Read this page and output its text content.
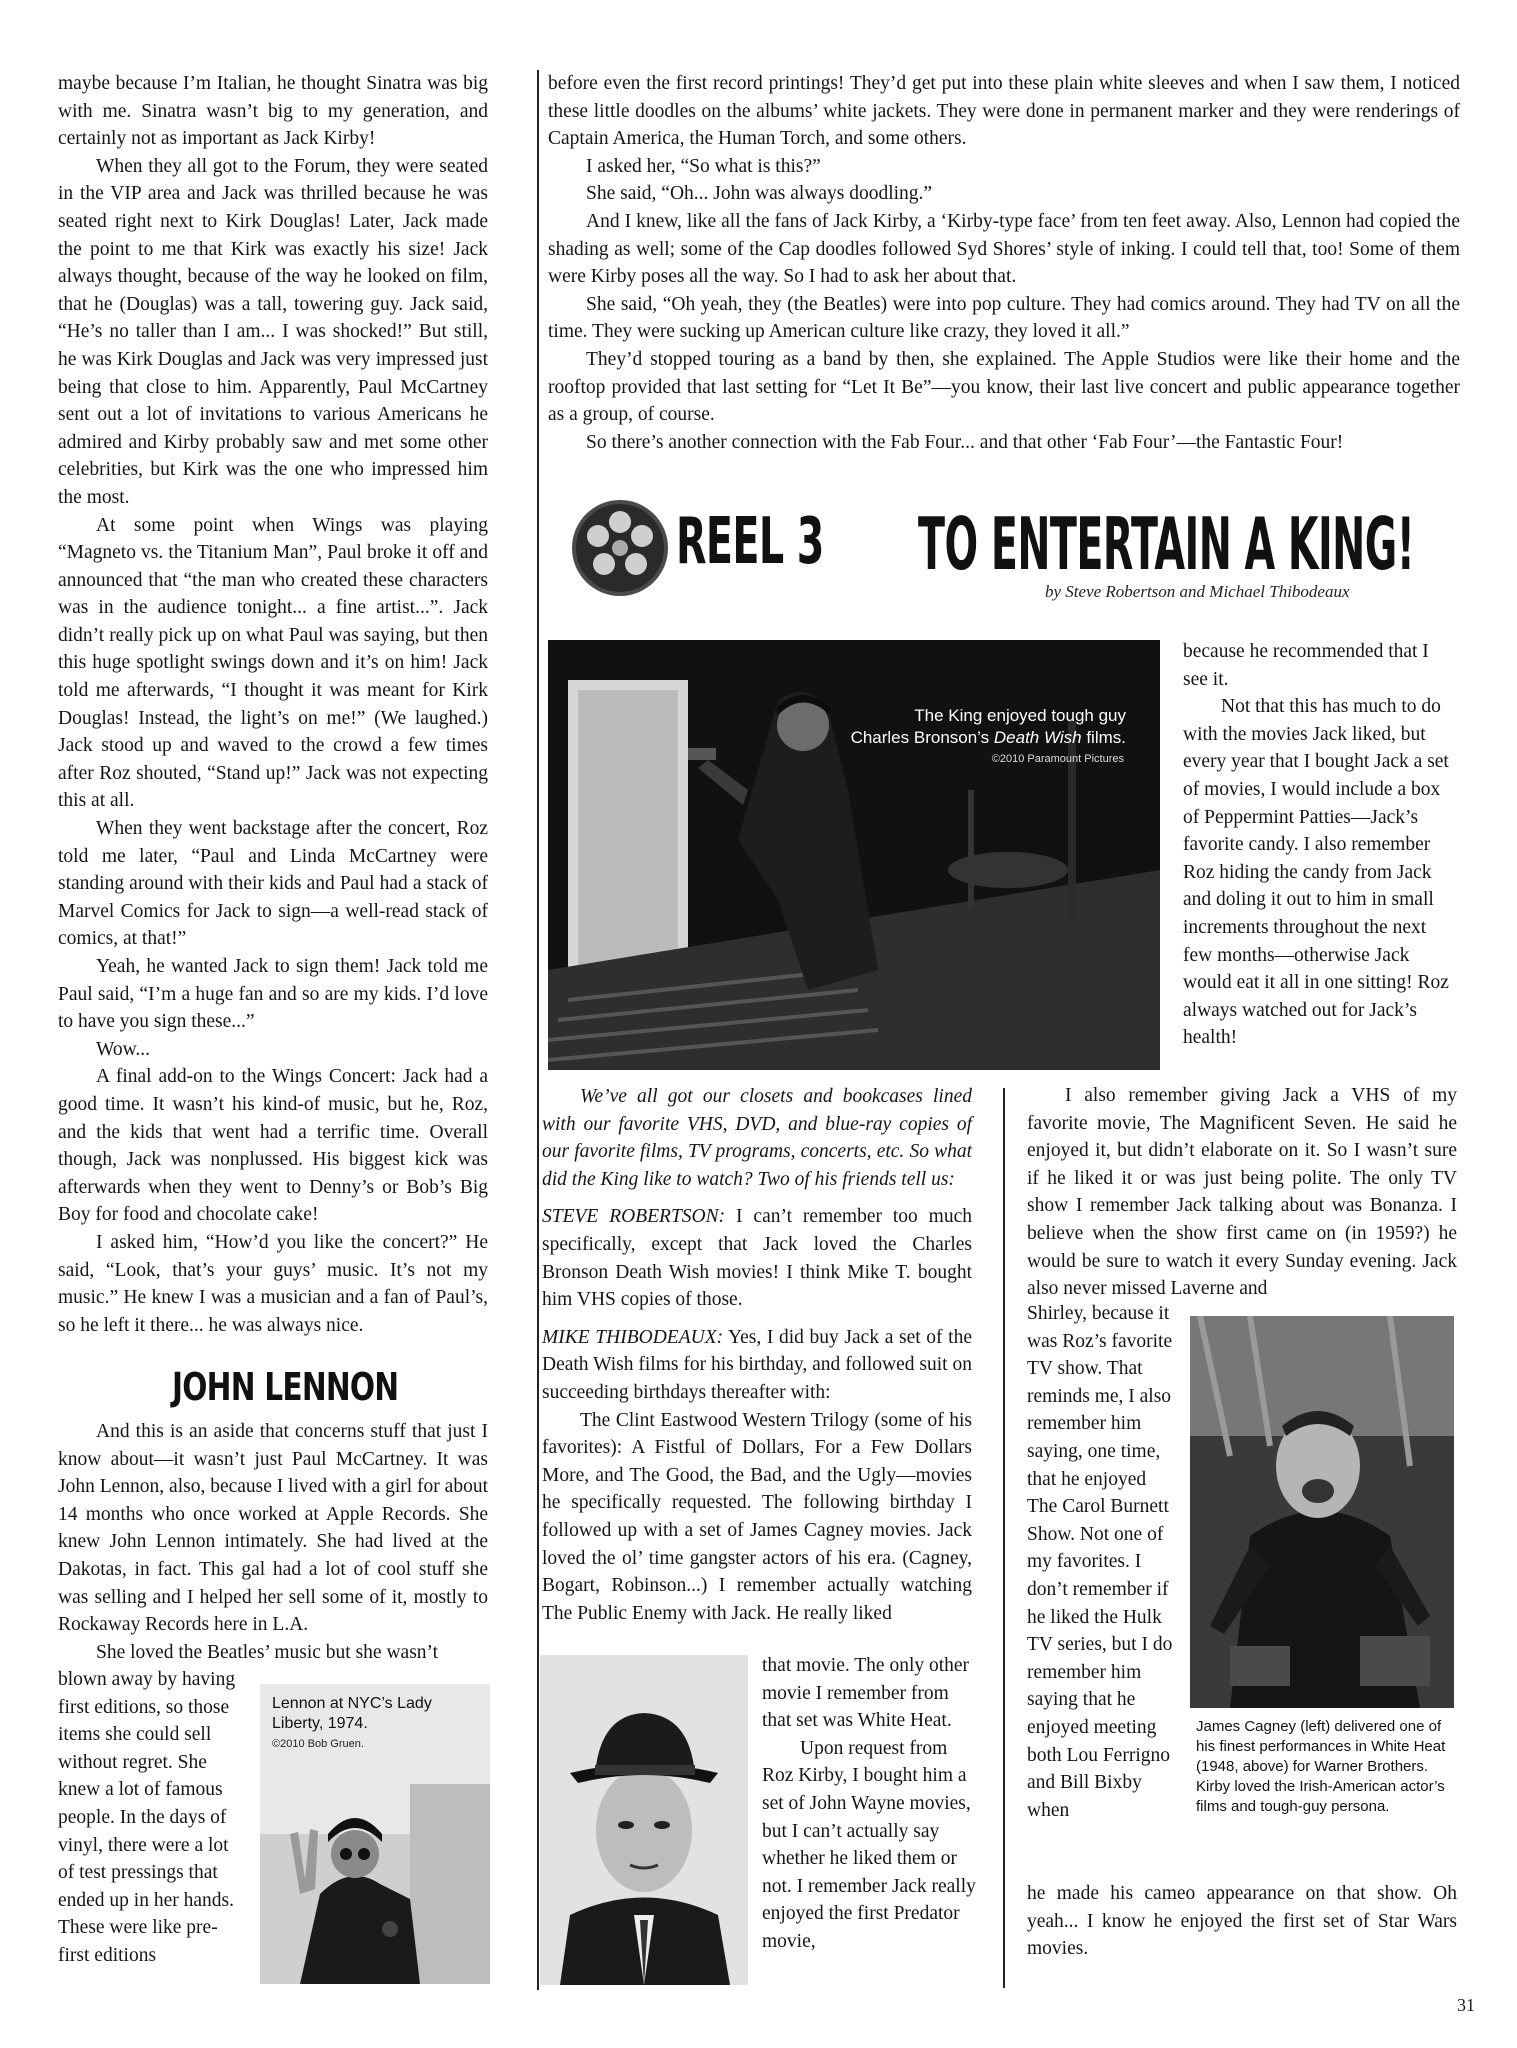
maybe because I’m Italian, he thought Sinatra was big with me. Sinatra wasn’t big to my generation, and certainly not as important as Jack Kirby!

When they all got to the Forum, they were seated in the VIP area and Jack was thrilled because he was seated right next to Kirk Douglas! Later, Jack made the point to me that Kirk was exactly his size! Jack always thought, because of the way he looked on film, that he (Douglas) was a tall, towering guy. Jack said, “He’s no taller than I am... I was shocked!” But still, he was Kirk Douglas and Jack was very impressed just being that close to him. Apparently, Paul McCartney sent out a lot of invitations to various Americans he admired and Kirby probably saw and met some other celebrities, but Kirk was the one who impressed him the most.

At some point when Wings was playing “Magneto vs. the Titanium Man”, Paul broke it off and announced that “the man who created these characters was in the audience tonight... a fine artist...”. Jack didn’t really pick up on what Paul was saying, but then this huge spotlight swings down and it’s on him! Jack told me afterwards, “I thought it was meant for Kirk Douglas! Instead, the light’s on me!” (We laughed.) Jack stood up and waved to the crowd a few times after Roz shouted, “Stand up!” Jack was not expecting this at all.

When they went backstage after the concert, Roz told me later, “Paul and Linda McCartney were standing around with their kids and Paul had a stack of Marvel Comics for Jack to sign—a well-read stack of comics, at that!”

Yeah, he wanted Jack to sign them! Jack told me Paul said, “I’m a huge fan and so are my kids. I’d love to have you sign these...”

Wow...

A final add-on to the Wings Concert: Jack had a good time. It wasn’t his kind-of music, but he, Roz, and the kids that went had a terrific time. Overall though, Jack was nonplussed. His biggest kick was afterwards when they went to Denny’s or Bob’s Big Boy for food and chocolate cake!

I asked him, “How’d you like the concert?” He said, “Look, that’s your guys’ music. It’s not my music.” He knew I was a musician and a fan of Paul’s, so he left it there... he was always nice.

JOHN LENNON

And this is an aside that concerns stuff that just I know about—it wasn’t just Paul McCartney. It was John Lennon, also, because I lived with a girl for about 14 months who once worked at Apple Records. She knew John Lennon intimately. She had lived at the Dakotas, in fact. This gal had a lot of cool stuff she was selling and I helped her sell some of it, mostly to Rockaway Records here in L.A.

She loved the Beatles’ music but she wasn’t

blown away by having first editions, so those items she could sell without regret. She knew a lot of famous people. In the days of vinyl, there were a lot of test pressings that ended up in her hands. These were like pre-first editions

Lennon at NYC’s Lady Liberty, 1974.
©2010 Bob Gruen.

before even the first record printings! They’d get put into these plain white sleeves and when I saw them, I noticed these little doodles on the albums’ white jackets. They were done in permanent marker and they were renderings of Captain America, the Human Torch, and some others.

I asked her, “So what is this?”

She said, “Oh... John was always doodling.”

And I knew, like all the fans of Jack Kirby, a ‘Kirby-type face’ from ten feet away. Also, Lennon had copied the shading as well; some of the Cap doodles followed Syd Shores’ style of inking. I could tell that, too! Some of them were Kirby poses all the way. So I had to ask her about that.

She said, “Oh yeah, they (the Beatles) were into pop culture. They had comics around. They had TV on all the time. They were sucking up American culture like crazy, they loved it all.”

They’d stopped touring as a band by then, she explained. The Apple Studios were like their home and the rooftop provided that last setting for “Let It Be”—you know, their last live concert and public appearance together as a group, of course.

So there’s another connection with the Fab Four... and that other ‘Fab Four’—the Fantastic Four!

REEL 3 TO ENTERTAIN A KING!
by Steve Robertson and Michael Thibodeaux
The King enjoyed tough guy
Charles Bronson’s Death Wish films.
©2010 Paramount Pictures

because he recommended that I see it.

Not that this has much to do with the movies Jack liked, but every year that I bought Jack a set of movies, I would include a box of Peppermint Patties—Jack’s favorite candy. I also remember Roz hiding the candy from Jack and doling it out to him in small increments throughout the next few months—otherwise Jack would eat it all in one sitting! Roz always watched out for Jack’s health!

We’ve all got our closets and bookcases lined with our favorite VHS, DVD, and blue-ray copies of our favorite films, TV programs, concerts, etc. So what did the King like to watch? Two of his friends tell us:

STEVE ROBERTSON: I can’t remember too much specifically, except that Jack loved the Charles Bronson Death Wish movies! I think Mike T. bought him VHS copies of those.

MIKE THIBODEAUX: Yes, I did buy Jack a set of the Death Wish films for his birthday, and followed suit on succeeding birthdays thereafter with:

The Clint Eastwood Western Trilogy (some of his favorites): A Fistful of Dollars, For a Few Dollars More, and The Good, the Bad, and the Ugly—movies he specifically requested. The following birthday I followed up with a set of James Cagney movies. Jack loved the ol’ time gangster actors of his era. (Cagney, Bogart, Robinson...) I remember actually watching The Public Enemy with Jack. He really liked

that movie. The only other movie I remember from that set was White Heat.

Upon request from Roz Kirby, I bought him a set of John Wayne movies, but I can’t actually say whether he liked them or not. I remember Jack really enjoyed the first Predator movie,

I also remember giving Jack a VHS of my favorite movie, The Magnificent Seven. He said he enjoyed it, but didn’t elaborate on it. So I wasn’t sure if he liked it or was just being polite. The only TV show I remember Jack talking about was Bonanza. I believe when the show first came on (in 1959?) he would be sure to watch it every Sunday evening. Jack also never missed Laverne and

Shirley, because it was Roz’s favorite TV show. That reminds me, I also remember him saying, one time, that he enjoyed The Carol Burnett Show. Not one of my favorites. I don’t remember if he liked the Hulk TV series, but I do remember him saying that he enjoyed meeting both Lou Ferrigno and Bill Bixby when

James Cagney (left) delivered one of his finest performances in White Heat (1948, above) for Warner Brothers. Kirby loved the Irish-American actor’s films and tough-guy persona.

he made his cameo appearance on that show. Oh yeah... I know he enjoyed the first set of Star Wars movies.

31
